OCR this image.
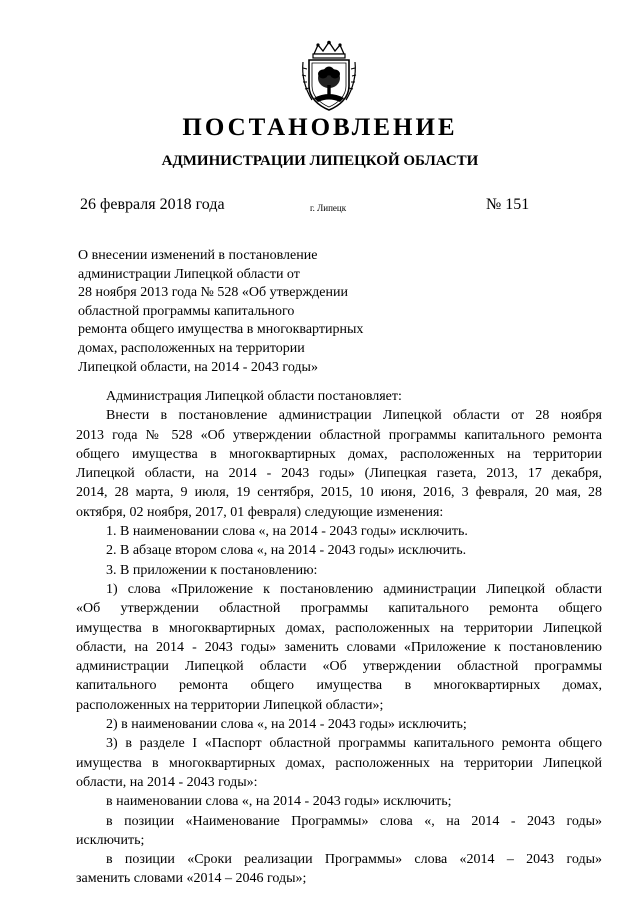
ПОСТАНОВЛЕНИЕ
АДМИНИСТРАЦИИ ЛИПЕЦКОЙ ОБЛАСТИ
26 февраля 2018 года	г. Липецк	№ 151
О внесении изменений в постановление
администрации Липецкой области от
28 ноября 2013 года № 528 «Об утверждении
областной программы капитального
ремонта общего имущества в многоквартирных
домах, расположенных на территории
Липецкой области, на 2014 - 2043 годы»
Администрация Липецкой области постановляет:
Внести в постановление администрации Липецкой области от 28 ноября
2013 года № 528 «Об утверждении областной программы капитального ремонта
общего имущества в многоквартирных домах, расположенных на территории
Липецкой области, на 2014 - 2043 годы» (Липецкая газета, 2013, 17 декабря,
2014, 28 марта, 9 июля, 19 сентября, 2015, 10 июня, 2016, 3 февраля, 20 мая, 28
октября, 02 ноября, 2017, 01 февраля) следующие изменения:
1. В наименовании слова «, на 2014 - 2043 годы» исключить.
2. В абзаце втором слова «, на 2014 - 2043 годы» исключить.
3. В приложении к постановлению:
1) слова «Приложение к постановлению администрации Липецкой области
«Об утверждении областной программы капитального ремонта общего
имущества в многоквартирных домах, расположенных на территории Липецкой
области, на 2014 - 2043 годы» заменить словами «Приложение к постановлению
администрации Липецкой области «Об утверждении областной программы
капитального ремонта общего имущества в многоквартирных домах,
расположенных на территории Липецкой области»;
2) в наименовании слова «, на 2014 - 2043 годы» исключить;
3) в разделе I «Паспорт областной программы капитального ремонта общего
имущества в многоквартирных домах, расположенных на территории Липецкой
области, на 2014 - 2043 годы»:
в наименовании слова «, на 2014 - 2043 годы» исключить;
в позиции «Наименование Программы» слова «, на 2014 - 2043 годы»
исключить;
в позиции «Сроки реализации Программы» слова «2014 – 2043 годы»
заменить словами «2014 – 2046 годы»;
